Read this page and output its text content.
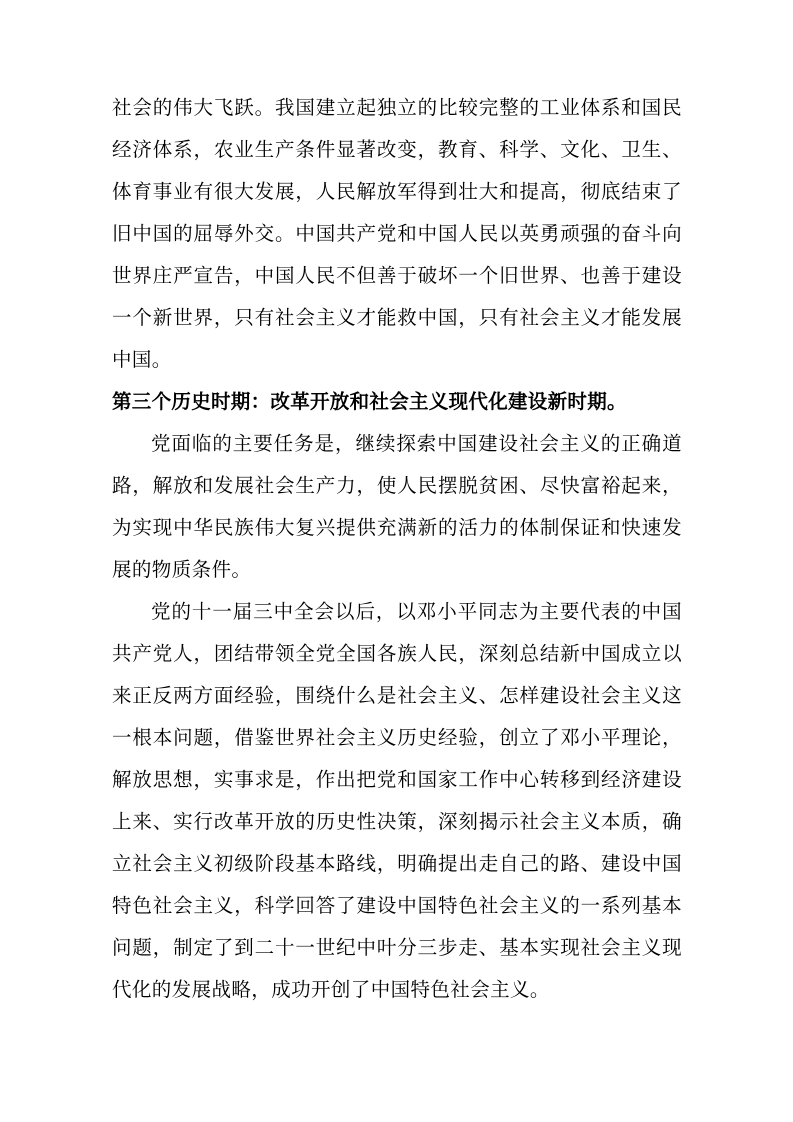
社会的伟大飞跃。我国建立起独立的比较完整的工业体系和国民经济体系，农业生产条件显著改变，教育、科学、文化、卫生、体育事业有很大发展，人民解放军得到壮大和提高，彻底结束了旧中国的屈辱外交。中国共产党和中国人民以英勇顽强的奋斗向世界庄严宣告，中国人民不但善于破坏一个旧世界、也善于建设一个新世界，只有社会主义才能救中国，只有社会主义才能发展中国。

第三个历史时期：改革开放和社会主义现代化建设新时期。

党面临的主要任务是，继续探索中国建设社会主义的正确道路，解放和发展社会生产力，使人民摆脱贫困、尽快富裕起来，为实现中华民族伟大复兴提供充满新的活力的体制保证和快速发展的物质条件。

党的十一届三中全会以后，以邓小平同志为主要代表的中国共产党人，团结带领全党全国各族人民，深刻总结新中国成立以来正反两方面经验，围绕什么是社会主义、怎样建设社会主义这一根本问题，借鉴世界社会主义历史经验，创立了邓小平理论，解放思想，实事求是，作出把党和国家工作中心转移到经济建设上来、实行改革开放的历史性决策，深刻揭示社会主义本质，确立社会主义初级阶段基本路线，明确提出走自己的路、建设中国特色社会主义，科学回答了建设中国特色社会主义的一系列基本问题，制定了到二十一世纪中叶分三步走、基本实现社会主义现代化的发展战略，成功开创了中国特色社会主义。
